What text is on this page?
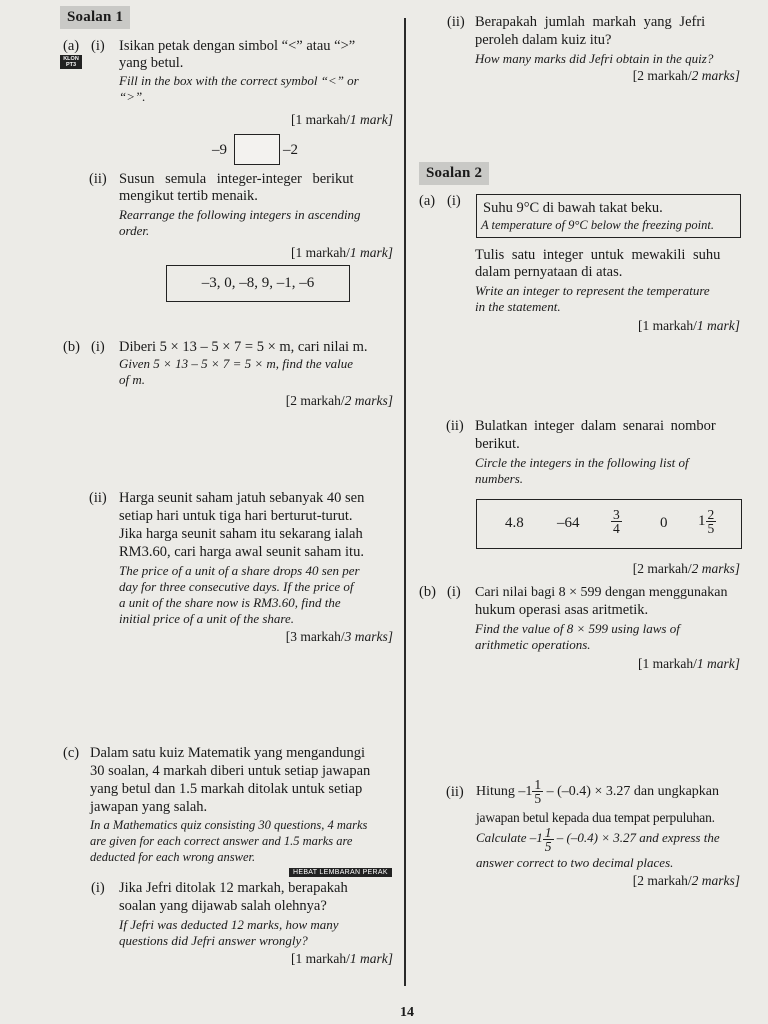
Soalan 1
(a) (i)
KLON
PT3
Isikan petak dengan simbol “<” atau “>”
yang betul.
Fill in the box with the correct symbol “<” or
“>”.
[1 markah/1 mark]
–9	–2
(ii) Susun semula integer-integer berikut
mengikut tertib menaik.
Rearrange the following integers in ascending
order.
[1 markah/1 mark]
–3, 0, –8, 9, –1, –6
(b) (i) Diberi 5 × 13 – 5 × 7 = 5 × m, cari nilai m.
Given 5 × 13 – 5 × 7 = 5 × m, find the value
of m.
[2 markah/2 marks]
(ii) Harga seunit saham jatuh sebanyak 40 sen
setiap hari untuk tiga hari berturut-turut.
Jika harga seunit saham itu sekarang ialah
RM3.60, cari harga awal seunit saham itu.
The price of a unit of a share drops 40 sen per
day for three consecutive days. If the price of
a unit of the share now is RM3.60, find the
initial price of a unit of the share.
[3 markah/3 marks]
(c) Dalam satu kuiz Matematik yang mengandungi
30 soalan, 4 markah diberi untuk setiap jawapan
yang betul dan 1.5 markah ditolak untuk setiap
jawapan yang salah.
In a Mathematics quiz consisting 30 questions, 4 marks
are given for each correct answer and 1.5 marks are
deducted for each wrong answer.
HEBAT LEMBARAN PERAK
(i) Jika Jefri ditolak 12 markah, berapakah
soalan yang dijawab salah olehnya?
If Jefri was deducted 12 marks, how many
questions did Jefri answer wrongly?
[1 markah/1 mark]
(ii) Berapakah jumlah markah yang Jefri
peroleh dalam kuiz itu?
How many marks did Jefri obtain in the quiz?
[2 markah/2 marks]
Soalan 2
(a) (i) Suhu 9°C di bawah takat beku.
A temperature of 9°C below the freezing point.
Tulis satu integer untuk mewakili suhu
dalam pernyataan di atas.
Write an integer to represent the temperature
in the statement.
[1 markah/1 mark]
(ii) Bulatkan integer dalam senarai nombor
berikut.
Circle the integers in the following list of
numbers.
4.8 $-64 \frac{3}{4}$	0 $1 \frac{2}{5}$
[2 markah/2 marks]
(b) (i) Cari nilai bagi 8 × 599 dengan menggunakan
hukum operasi asas aritmetik.
Find the value of 8 × 599 using laws of
arithmetic operations.
[1 markah/1 mark]
(ii) Hitung $-1 \frac{1}{5} - (-0.4) \times 3.27$ dan ungkapkan
jawapan betul kepada dua tempat perpuluhan.
Calculate $-1 \frac{1}{5} - (-0.4) \times 3.27$ and express the
answer correct to two decimal places.
[2 markah/2 marks]
14
